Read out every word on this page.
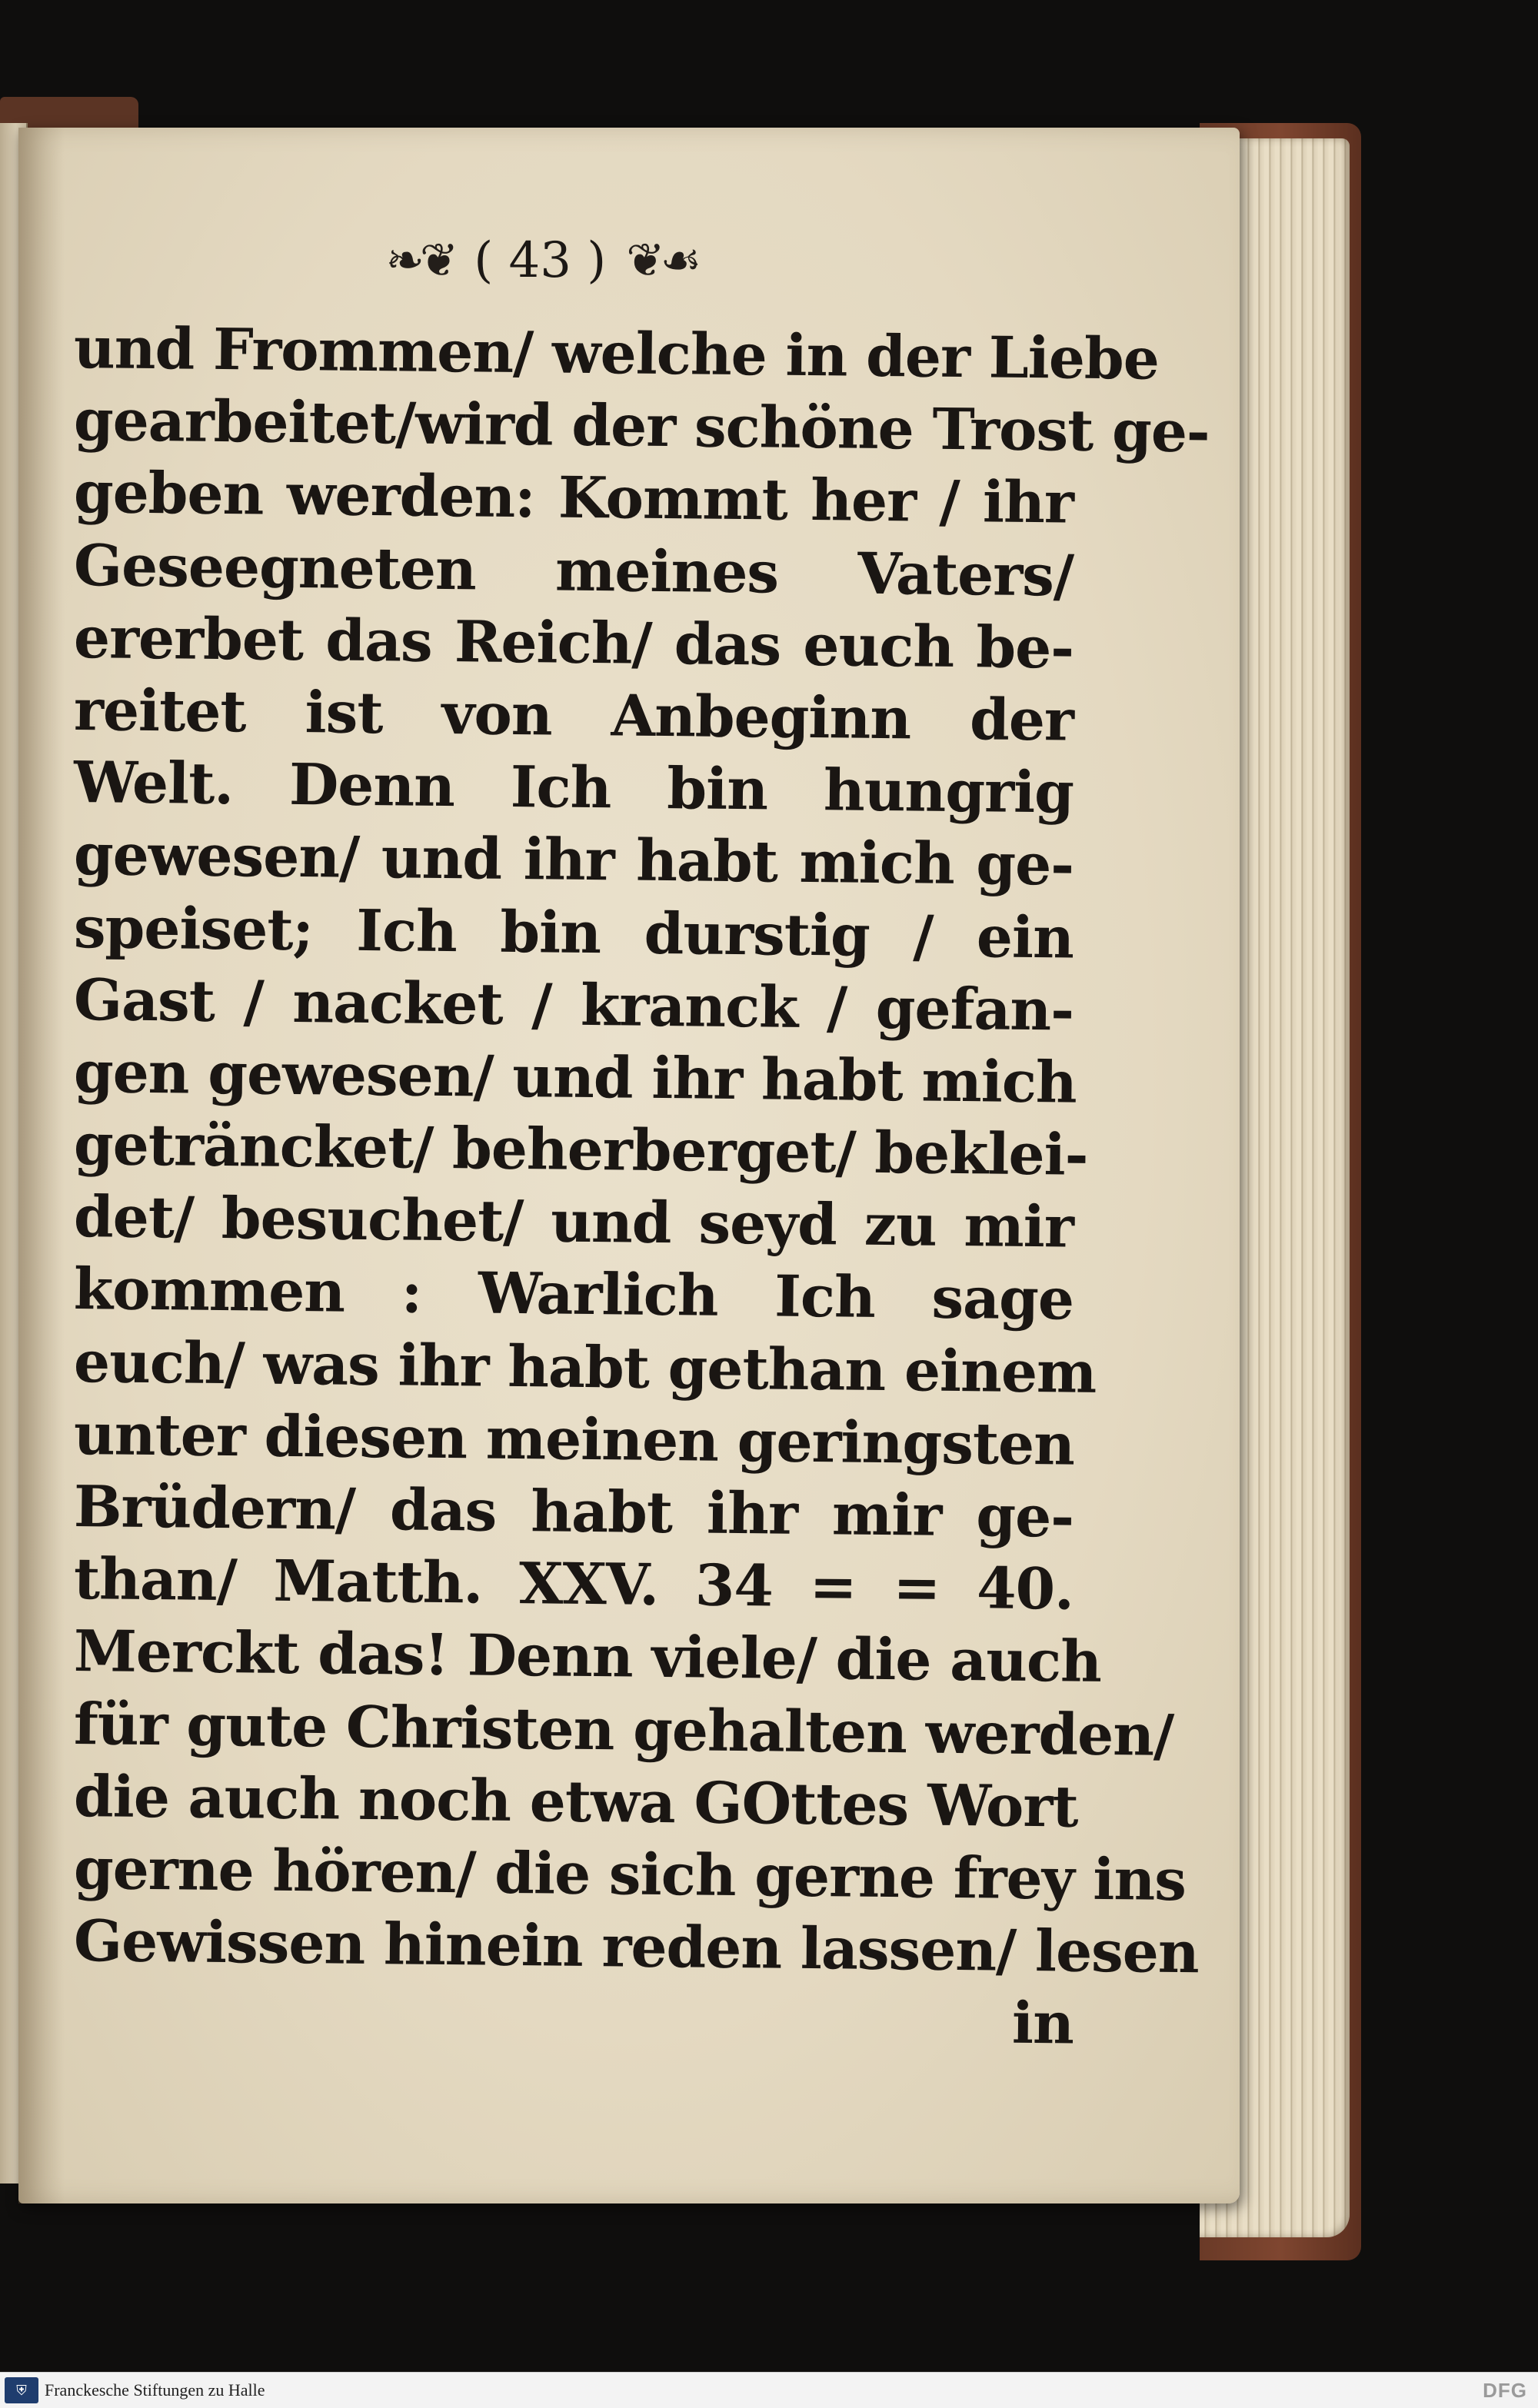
❧❦ ( 43 ) ❦☙
und Frommen/ welche in der Liebe
gearbeitet/wird der schöne Trost ge-
geben werden: Kommt her / ihr
Geseegneten meines Vaters/
ererbet das Reich/ das euch be-
reitet ist von Anbeginn der
Welt. Denn Ich bin hungrig
gewesen/ und ihr habt mich ge-
speiset; Ich bin durstig / ein
Gast / nacket / kranck / gefan-
gen gewesen/ und ihr habt mich
geträncket/ beherberget/ beklei-
det/ besuchet/ und seyd zu mir
kommen : Warlich Ich sage
euch/ was ihr habt gethan einem
unter diesen meinen geringsten
Brüdern/ das habt ihr mir ge-
than/ Matth. XXV. 34 = = 40.
Merckt das! Denn viele/ die auch
für gute Christen gehalten werden/
die auch noch etwa GOttes Wort
gerne hören/ die sich gerne frey ins
Gewissen hinein reden lassen/ lesen
in
⛨	Franckesche Stiftungen zu Halle	DFG
